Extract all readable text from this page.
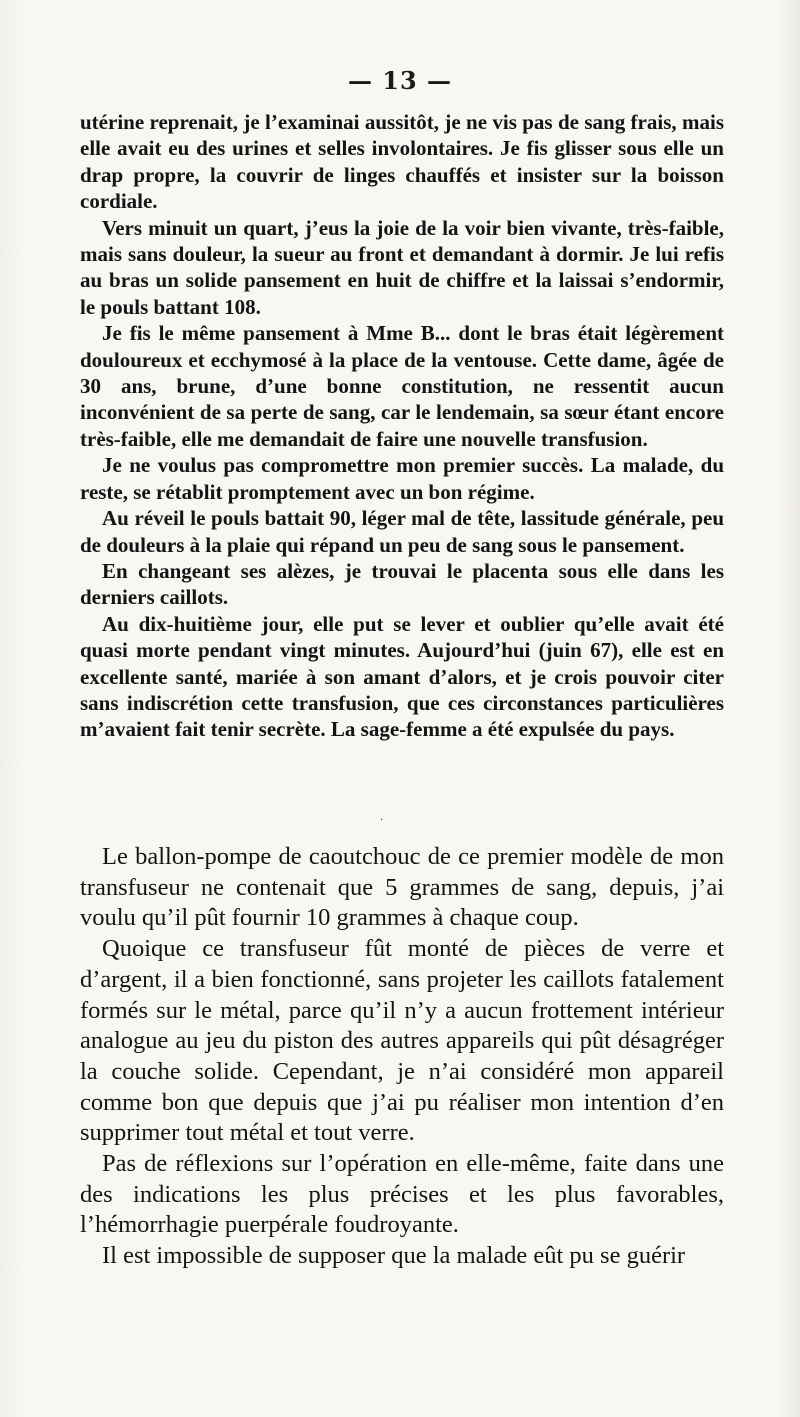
— 13 —

utérine reprenait, je l’examinai aussitôt, je ne vis pas de sang frais, mais elle avait eu des urines et selles involontaires. Je fis glisser sous elle un drap propre, la couvrir de linges chauffés et insister sur la boisson cordiale.

Vers minuit un quart, j’eus la joie de la voir bien vivante, très-faible, mais sans douleur, la sueur au front et demandant à dormir. Je lui refis au bras un solide pansement en huit de chiffre et la laissai s’endormir, le pouls battant 108.

Je fis le même pansement à Mme B... dont le bras était légèrement douloureux et ecchymosé à la place de la ventouse. Cette dame, âgée de 30 ans, brune, d’une bonne constitution, ne ressentit aucun inconvénient de sa perte de sang, car le lendemain, sa sœur étant encore très-faible, elle me demandait de faire une nouvelle transfusion.

Je ne voulus pas compromettre mon premier succès. La malade, du reste, se rétablit promptement avec un bon régime.

Au réveil le pouls battait 90, léger mal de tête, lassitude générale, peu de douleurs à la plaie qui répand un peu de sang sous le pansement.

En changeant ses alèzes, je trouvai le placenta sous elle dans les derniers caillots.

Au dix-huitième jour, elle put se lever et oublier qu’elle avait été quasi morte pendant vingt minutes. Aujourd’hui (juin 67), elle est en excellente santé, mariée à son amant d’alors, et je crois pouvoir citer sans indiscrétion cette transfusion, que ces circonstances particulières m’avaient fait tenir secrète. La sage-femme a été expulsée du pays.

·

Le ballon-pompe de caoutchouc de ce premier modèle de mon transfuseur ne contenait que 5 grammes de sang, depuis, j’ai voulu qu’il pût fournir 10 grammes à chaque coup.

Quoique ce transfuseur fût monté de pièces de verre et d’argent, il a bien fonctionné, sans projeter les caillots fatalement formés sur le métal, parce qu’il n’y a aucun frottement intérieur analogue au jeu du piston des autres appareils qui pût désagréger la couche solide. Cependant, je n’ai considéré mon appareil comme bon que depuis que j’ai pu réaliser mon intention d’en supprimer tout métal et tout verre.

Pas de réflexions sur l’opération en elle-même, faite dans une des indications les plus précises et les plus favorables, l’hémorrhagie puerpérale foudroyante.

Il est impossible de supposer que la malade eût pu se guérir
